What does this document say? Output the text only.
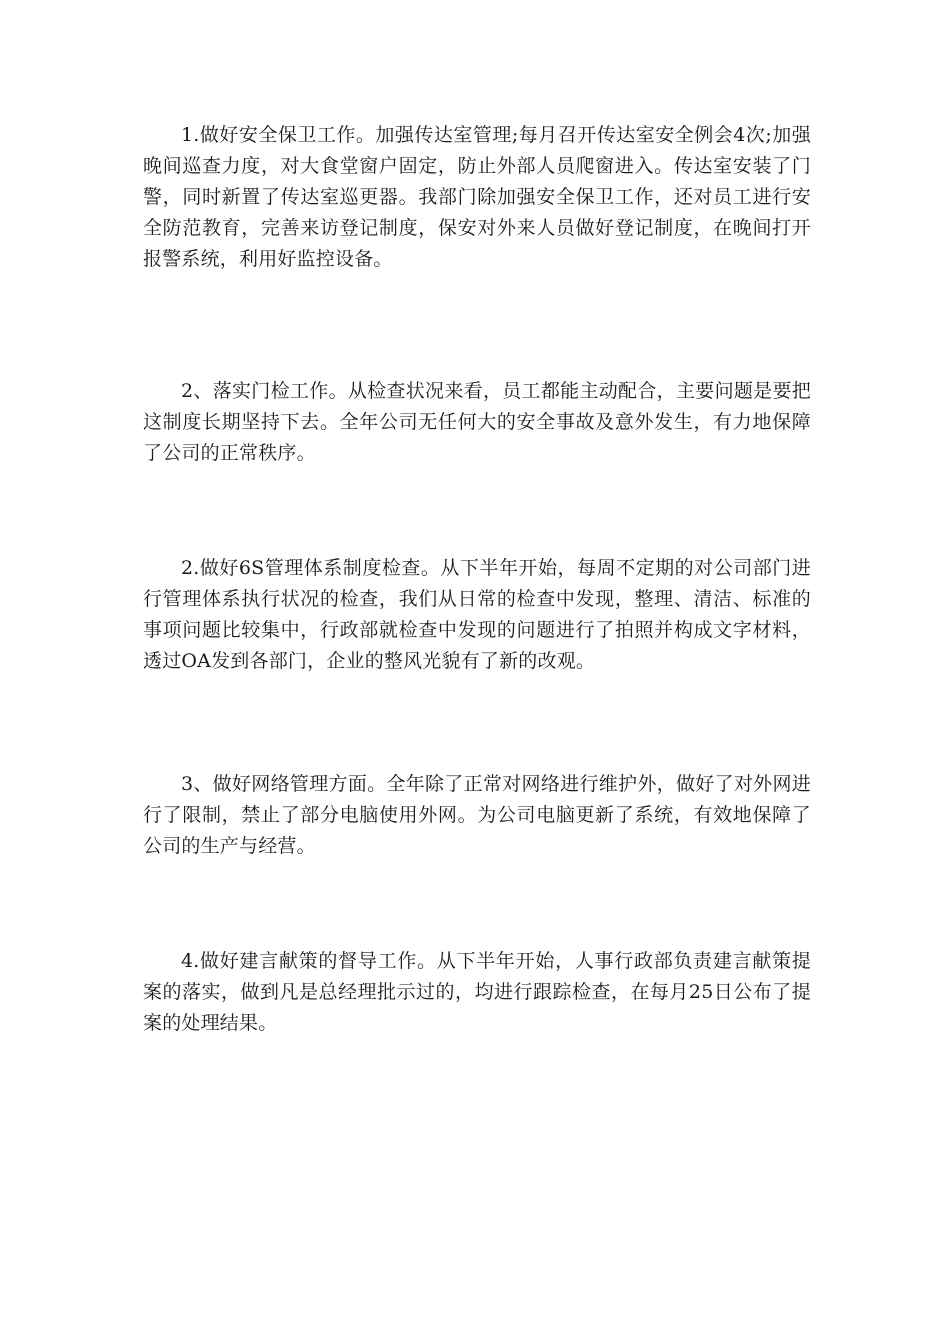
1.做好安全保卫工作。加强传达室管理;每月召开传达室安全例会4次;加强晚间巡查力度，对大食堂窗户固定，防止外部人员爬窗进入。传达室安装了门警，同时新置了传达室巡更器。我部门除加强安全保卫工作，还对员工进行安全防范教育，完善来访登记制度，保安对外来人员做好登记制度，在晚间打开报警系统，利用好监控设备。

2、落实门检工作。从检查状况来看，员工都能主动配合，主要问题是要把这制度长期坚持下去。全年公司无任何大的安全事故及意外发生，有力地保障了公司的正常秩序。

2.做好6S管理体系制度检查。从下半年开始，每周不定期的对公司部门进行管理体系执行状况的检查，我们从日常的检查中发现，整理、清洁、标准的事项问题比较集中，行政部就检查中发现的问题进行了拍照并构成文字材料，透过OA发到各部门，企业的整风光貌有了新的改观。

3、做好网络管理方面。全年除了正常对网络进行维护外，做好了对外网进行了限制，禁止了部分电脑使用外网。为公司电脑更新了系统，有效地保障了公司的生产与经营。

4.做好建言献策的督导工作。从下半年开始，人事行政部负责建言献策提案的落实，做到凡是总经理批示过的，均进行跟踪检查，在每月25日公布了提案的处理结果。
